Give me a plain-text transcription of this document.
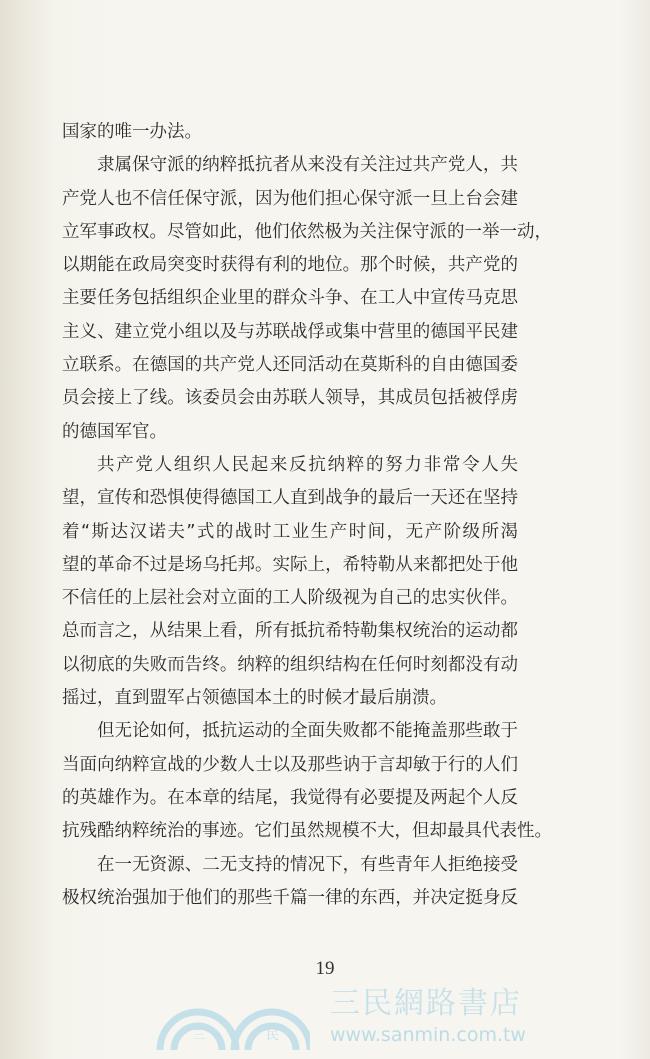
国家的唯一办法。
隶属保守派的纳粹抵抗者从来没有关注过共产党人，共
产党人也不信任保守派，因为他们担心保守派一旦上台会建
立军事政权。尽管如此，他们依然极为关注保守派的一举一动，
以期能在政局突变时获得有利的地位。那个时候，共产党的
主要任务包括组织企业里的群众斗争、在工人中宣传马克思
主义、建立党小组以及与苏联战俘或集中营里的德国平民建
立联系。在德国的共产党人还同活动在莫斯科的自由德国委
员会接上了线。该委员会由苏联人领导，其成员包括被俘虏
的德国军官。
共产党人组织人民起来反抗纳粹的努力非常令人失
望，宣传和恐惧使得德国工人直到战争的最后一天还在坚持
着“斯达汉诺夫”式的战时工业生产时间，无产阶级所渴
望的革命不过是场乌托邦。实际上，希特勒从来都把处于他
不信任的上层社会对立面的工人阶级视为自己的忠实伙伴。
总而言之，从结果上看，所有抵抗希特勒集权统治的运动都
以彻底的失败而告终。纳粹的组织结构在任何时刻都没有动
摇过，直到盟军占领德国本土的时候才最后崩溃。
但无论如何，抵抗运动的全面失败都不能掩盖那些敢于
当面向纳粹宣战的少数人士以及那些讷于言却敏于行的人们
的英雄作为。在本章的结尾，我觉得有必要提及两起个人反
抗残酷纳粹统治的事迹。它们虽然规模不大，但却最具代表性。
在一无资源、二无支持的情况下，有些青年人拒绝接受
极权统治强加于他们的那些千篇一律的东西，并决定挺身反
19
三	民
三民網路書店
www.sanmin.com.tw
